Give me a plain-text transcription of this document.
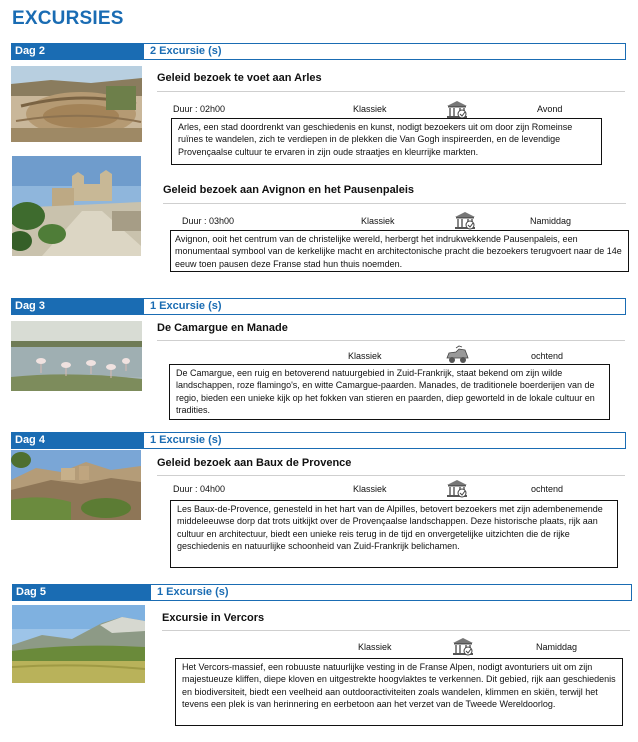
EXCURSIES
Dag 2	2 Excursie (s)
Geleid bezoek te voet aan Arles
Duur : 02h00	Klassiek	Avond
Arles, een stad doordrenkt van geschiedenis en kunst, nodigt bezoekers uit om door zijn Romeinse ruïnes te wandelen, zich te verdiepen in de plekken die Van Gogh inspireerden, en de levendige Provençaalse cultuur te ervaren in zijn oude straatjes en kleurrijke markten.
Geleid bezoek aan Avignon en het Pausenpaleis
Duur : 03h00	Klassiek	Namiddag
Avignon, ooit het centrum van de christelijke wereld, herbergt het indrukwekkende Pausenpaleis, een monumentaal symbool van de kerkelijke macht en architectonische pracht die bezoekers terugvoert naar de 14e eeuw toen pausen deze Franse stad hun thuis noemden.
Dag 3	1 Excursie (s)
De Camargue en Manade
Klassiek	ochtend
De Camargue, een ruig en betoverend natuurgebied in Zuid-Frankrijk, staat bekend om zijn wilde landschappen, roze flamingo's, en witte Camargue-paarden. Manades, de traditionele boerderijen van de regio, bieden een unieke kijk op het fokken van stieren en paarden, diep geworteld in de lokale cultuur en tradities.
Dag 4	1 Excursie (s)
Geleid bezoek aan Baux de Provence
Duur : 04h00	Klassiek	ochtend
Les Baux-de-Provence, genesteld in het hart van de Alpilles, betovert bezoekers met zijn adembenemende middeleeuwse dorp dat trots uitkijkt over de Provençaalse landschappen. Deze historische plaats, rijk aan cultuur en architectuur, biedt een unieke reis terug in de tijd en onvergetelijke uitzichten die de rijke geschiedenis en natuurlijke schoonheid van Zuid-Frankrijk belichamen.
Dag 5	1 Excursie (s)
Excursie in Vercors
Klassiek	Namiddag
Het Vercors-massief, een robuuste natuurlijke vesting in de Franse Alpen, nodigt avonturiers uit om zijn majestueuze kliffen, diepe kloven en uitgestrekte hoogvlaktes te verkennen. Dit gebied, rijk aan geschiedenis en biodiversiteit, biedt een veelheid aan outdooractiviteiten zoals wandelen, klimmen en skiën, terwijl het tevens een plek is van herinnering en eerbetoon aan het verzet van de Tweede Wereldoorlog.
